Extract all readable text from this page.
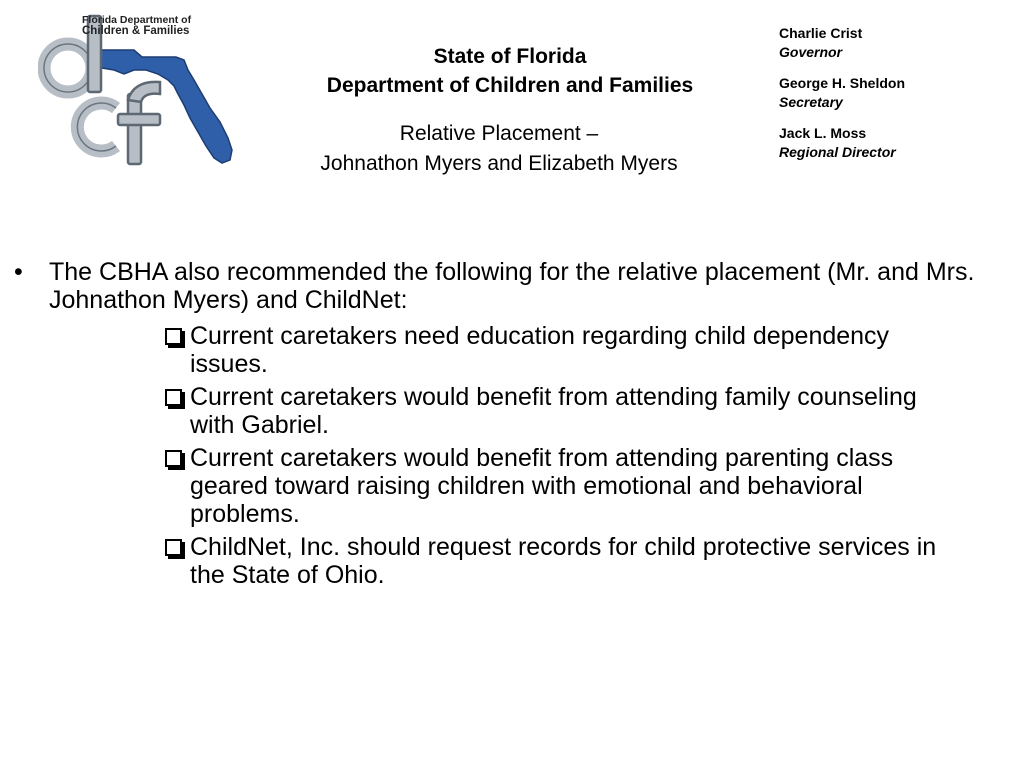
Florida Department of
Children & Families
State of Florida
Department of Children and Families
Relative Placement –
Johnathon Myers and Elizabeth Myers
Charlie Crist
Governor
George H. Sheldon
Secretary
Jack L. Moss
Regional Director
•	The CBHA also recommended the following for the relative placement (Mr. and Mrs. Johnathon Myers) and ChildNet:
Current caretakers need education regarding child dependency issues.
Current caretakers would benefit from attending family counseling with Gabriel.
Current caretakers would benefit from attending parenting class geared toward raising children with emotional and behavioral problems.
ChildNet, Inc. should request records for child protective services in the State of Ohio.
